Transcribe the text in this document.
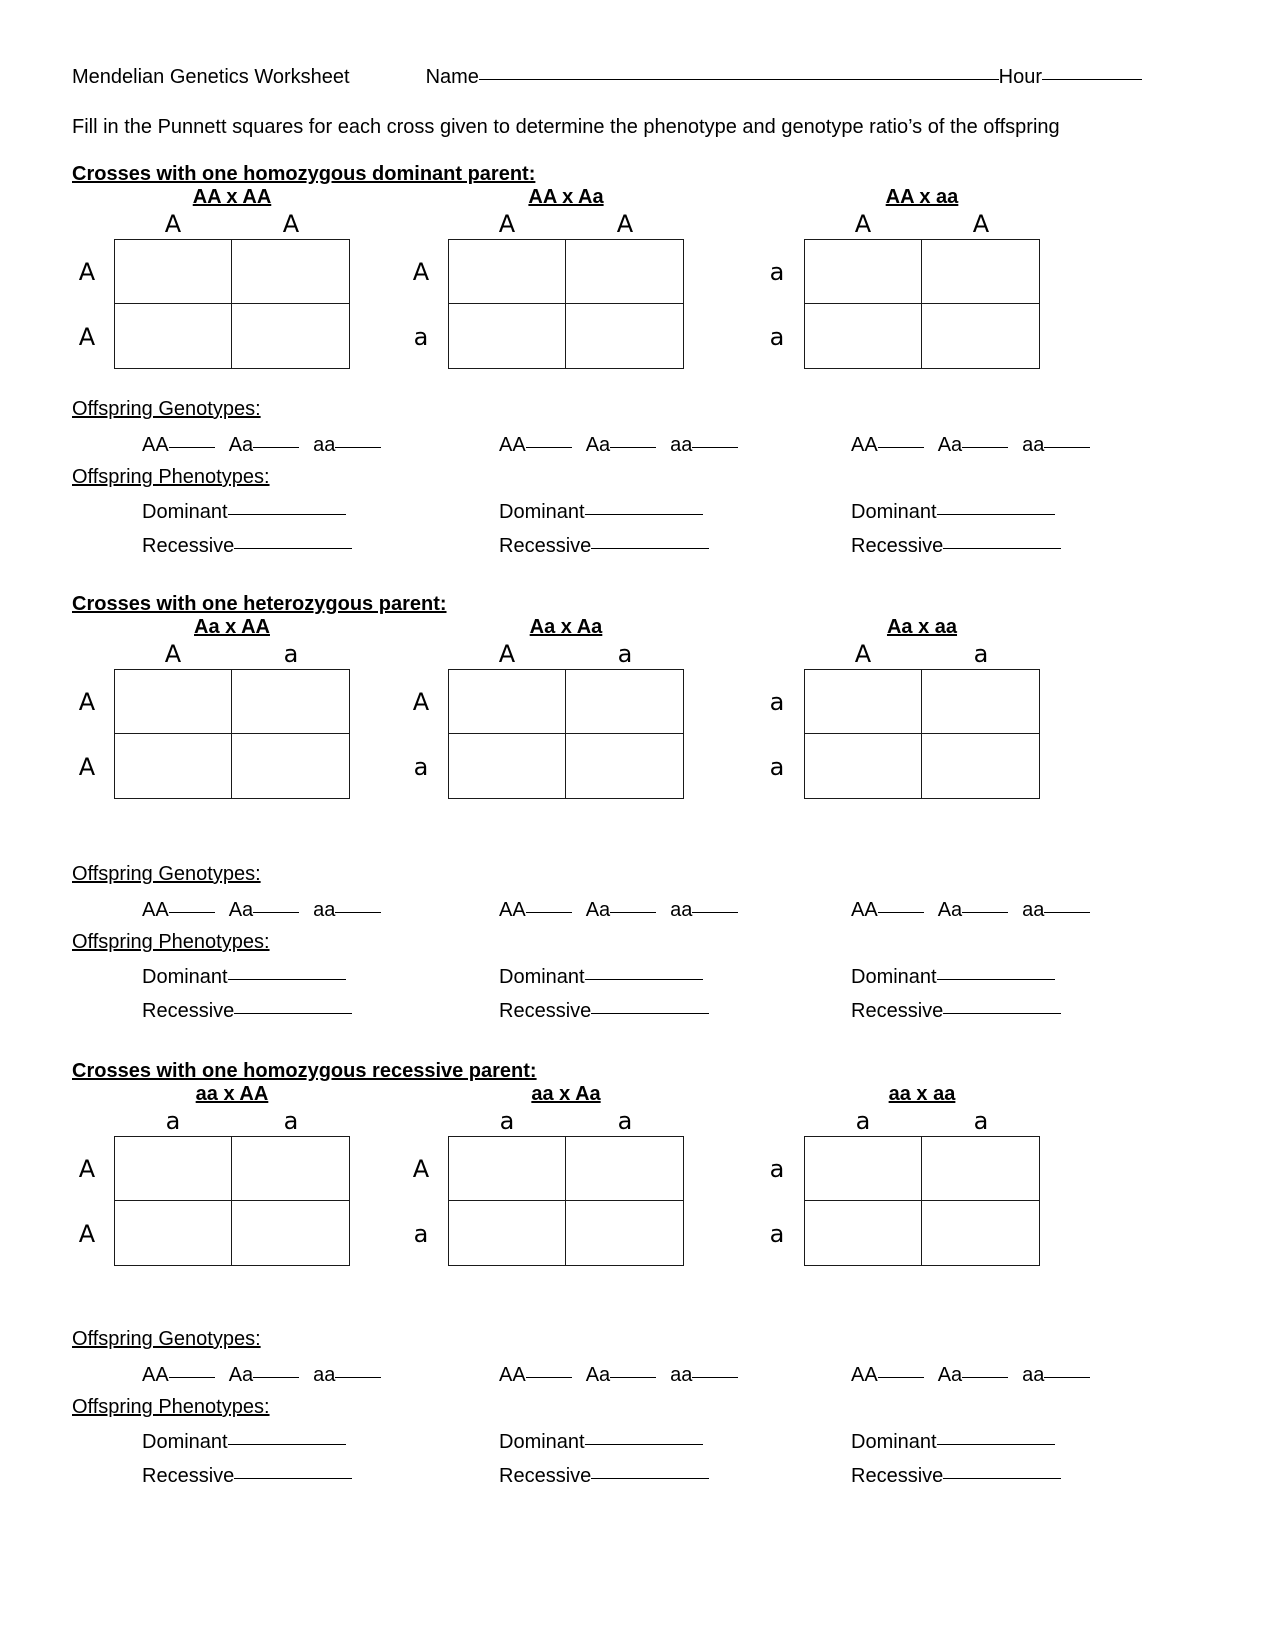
Mendelian Genetics Worksheet	Name	Hour
Fill in the Punnett squares for each cross given to determine the phenotype and genotype ratio’s of the offspring
Crosses with one homozygous dominant parent:
AA x AA
A	A
A
A
Offspring Genotypes:
AA	Aa	aa
Offspring Phenotypes:
Dominant
Recessive
AA x Aa
A	A
A
a
AA	Aa	aa
Dominant
Recessive
AA x aa
A	A
a
a
AA	Aa	aa
Dominant
Recessive
Crosses with one heterozygous parent:
Aa x AA
A	a
A
A
Offspring Genotypes:
AA	Aa	aa
Offspring Phenotypes:
Dominant
Recessive
Aa x Aa
A	a
A
a
AA	Aa	aa
Dominant
Recessive
Aa x aa
A	a
a
a
AA	Aa	aa
Dominant
Recessive
Crosses with one homozygous recessive parent:
aa x AA
a	a
A
A
Offspring Genotypes:
AA	Aa	aa
Offspring Phenotypes:
Dominant
Recessive
aa x Aa
a	a
A
a
AA	Aa	aa
Dominant
Recessive
aa x aa
a	a
a
a
AA	Aa	aa
Dominant
Recessive
